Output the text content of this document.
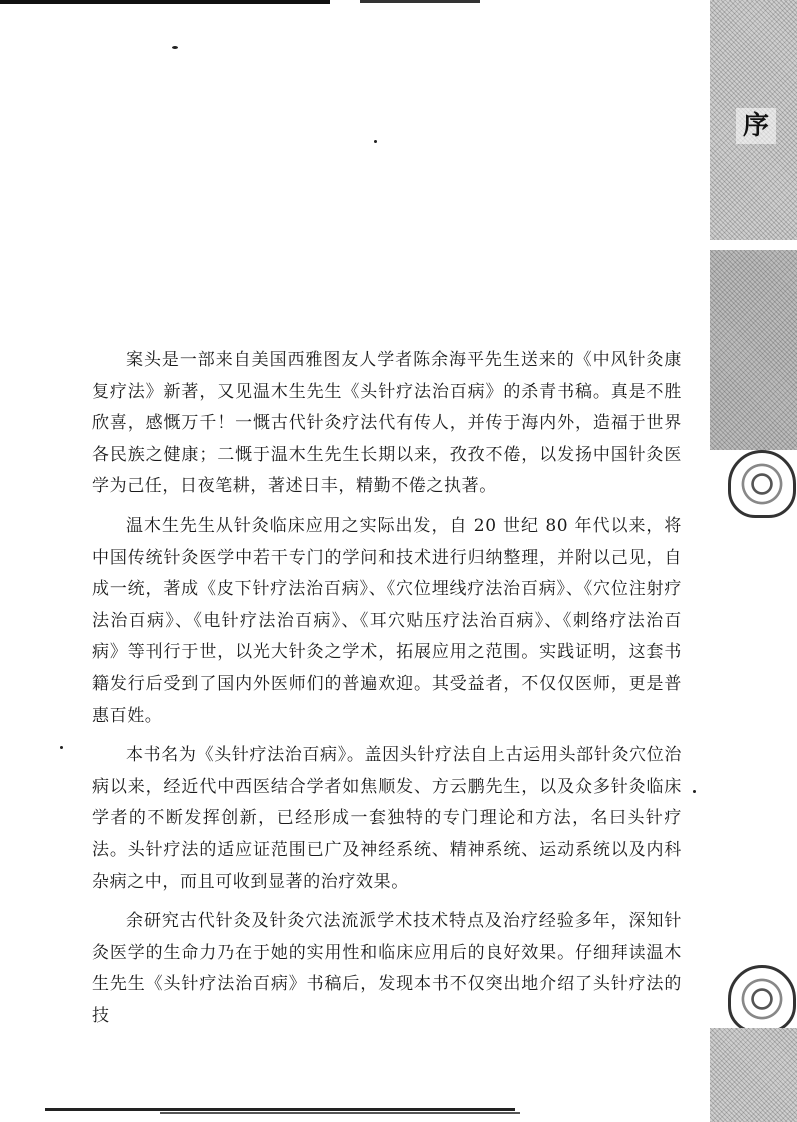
序

案头是一部来自美国西雅图友人学者陈余海平先生送来的《中风针灸康复疗法》新著，又见温木生先生《头针疗法治百病》的杀青书稿。真是不胜欣喜，感慨万千！一慨古代针灸疗法代有传人，并传于海内外，造福于世界各民族之健康；二慨于温木生先生长期以来，孜孜不倦，以发扬中国针灸医学为己任，日夜笔耕，著述日丰，精勤不倦之执著。

温木生先生从针灸临床应用之实际出发，自 20 世纪 80 年代以来，将中国传统针灸医学中若干专门的学问和技术进行归纳整理，并附以己见，自成一统，著成《皮下针疗法治百病》、《穴位埋线疗法治百病》、《穴位注射疗法治百病》、《电针疗法治百病》、《耳穴贴压疗法治百病》、《刺络疗法治百病》等刊行于世，以光大针灸之学术，拓展应用之范围。实践证明，这套书籍发行后受到了国内外医师们的普遍欢迎。其受益者，不仅仅医师，更是普惠百姓。

本书名为《头针疗法治百病》。盖因头针疗法自上古运用头部针灸穴位治病以来，经近代中西医结合学者如焦顺发、方云鹏先生，以及众多针灸临床学者的不断发挥创新，已经形成一套独特的专门理论和方法，名曰头针疗法。头针疗法的适应证范围已广及神经系统、精神系统、运动系统以及内科杂病之中，而且可收到显著的治疗效果。

余研究古代针灸及针灸穴法流派学术技术特点及治疗经验多年，深知针灸医学的生命力乃在于她的实用性和临床应用后的良好效果。仔细拜读温木生先生《头针疗法治百病》书稿后，发现本书不仅突出地介绍了头针疗法的技
